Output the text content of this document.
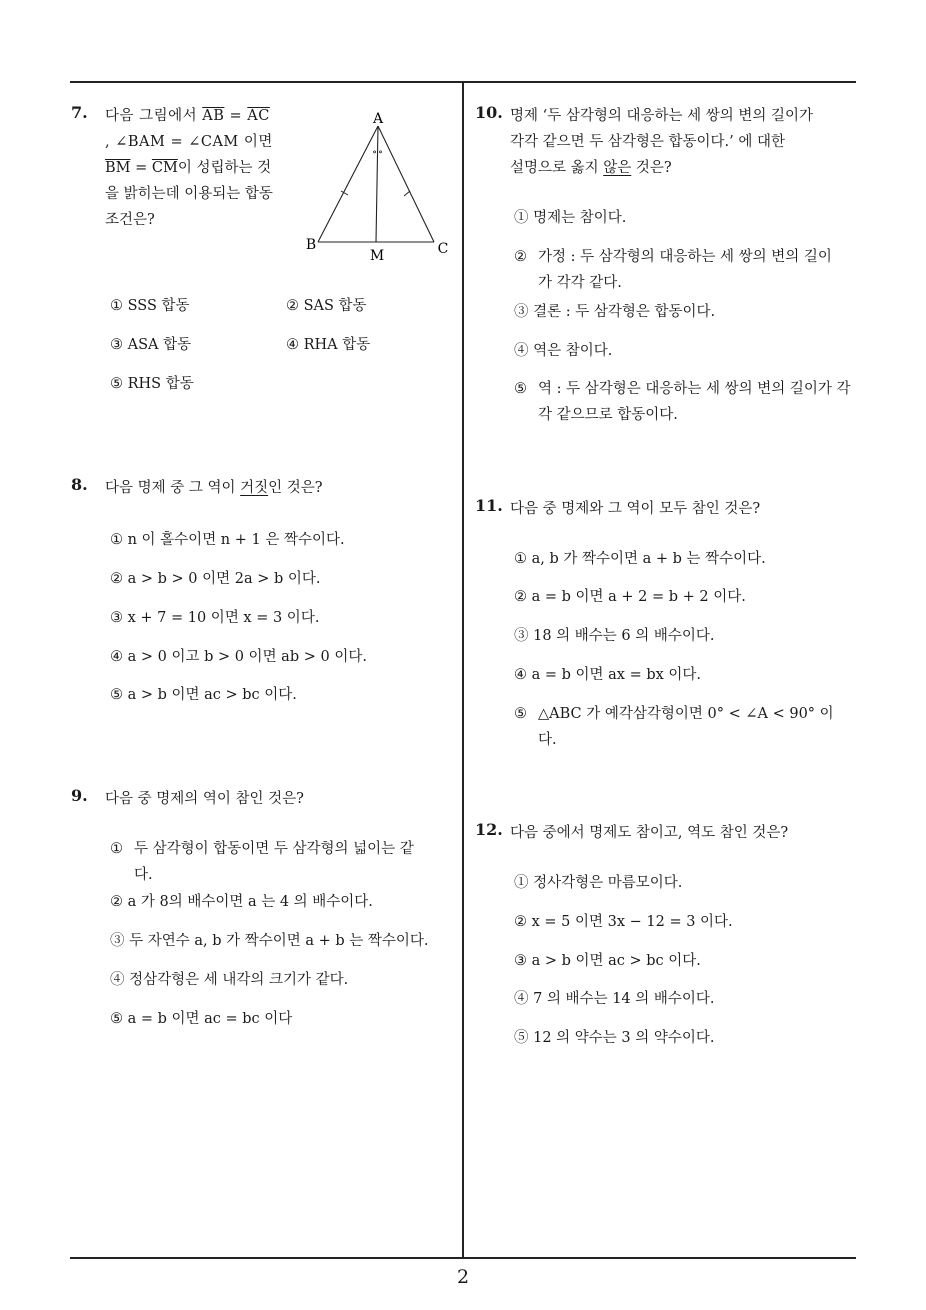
7. 다음 그림에서 $\overline{AB} = \overline{AC}$
, ∠BAM = ∠CAM 이면
$\overline{BM} = \overline{CM}$이 성립하는 것
을 밝히는데 이용되는 합동
조건은?
∘∘
A
B	C
M
① SSS 합동	② SAS 합동
③ ASA 합동	④ RHA 합동
⑤ RHS 합동
8. 다음 명제 중 그 역이 거짓인 것은?
① n 이 홀수이면 n + 1 은 짝수이다.
② a > b > 0 이면 2a > b 이다.
③ x + 7 = 10 이면 x = 3 이다.
④ a > 0 이고 b > 0 이면 ab > 0 이다.
⑤ a > b 이면 ac > bc 이다.
9. 다음 중 명제의 역이 참인 것은?
① 두 삼각형이 합동이면 두 삼각형의 넓이는 같다.
② a 가 8의 배수이면 a 는 4 의 배수이다.
③ 두 자연수 a, b 가 짝수이면 a + b 는 짝수이다.
④ 정삼각형은 세 내각의 크기가 같다.
⑤ a = b 이면 ac = bc 이다
10. 명제 ‘두 삼각형의 대응하는 세 쌍의 변의 길이가
각각 같으면 두 삼각형은 합동이다.’ 에 대한
설명으로 옳지 않은 것은?
① 명제는 참이다.
② 가정 : 두 삼각형의 대응하는 세 쌍의 변의 길이가 각각 같다.
③ 결론 : 두 삼각형은 합동이다.
④ 역은 참이다.
⑤ 역 : 두 삼각형은 대응하는 세 쌍의 변의 길이가 각각 같으므로 합동이다.
11. 다음 중 명제와 그 역이 모두 참인 것은?
① a, b 가 짝수이면 a + b 는 짝수이다.
② a = b 이면 a + 2 = b + 2 이다.
③ 18 의 배수는 6 의 배수이다.
④ a = b 이면 ax = bx 이다.
⑤ △ABC 가 예각삼각형이면 0° < ∠A < 90° 이다.
12. 다음 중에서 명제도 참이고, 역도 참인 것은?
① 정사각형은 마름모이다.
② x = 5 이면 3x − 12 = 3 이다.
③ a > b 이면 ac > bc 이다.
④ 7 의 배수는 14 의 배수이다.
⑤ 12 의 약수는 3 의 약수이다.
2
